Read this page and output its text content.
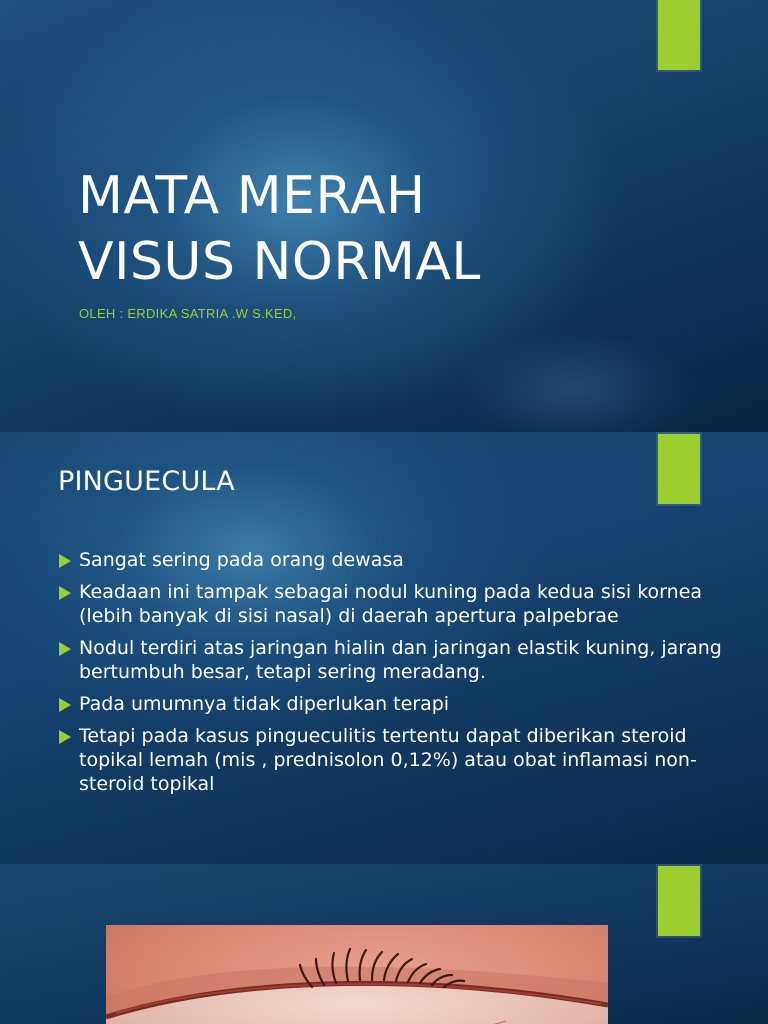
MATA MERAH
VISUS NORMAL

OLEH : ERDIKA SATRIA .W S.KED,

PINGUECULA
Sangat sering pada orang dewasa
Keadaan ini tampak sebagai nodul kuning pada kedua sisi kornea (lebih banyak di sisi nasal) di daerah apertura palpebrae
Nodul terdiri atas jaringan hialin dan jaringan elastik kuning, jarang bertumbuh besar, tetapi sering meradang.
Pada umumnya tidak diperlukan terapi
Tetapi pada kasus pingueculitis tertentu dapat diberikan steroid topikal lemah (mis , prednisolon 0,12%) atau obat inflamasi non-steroid topikal
